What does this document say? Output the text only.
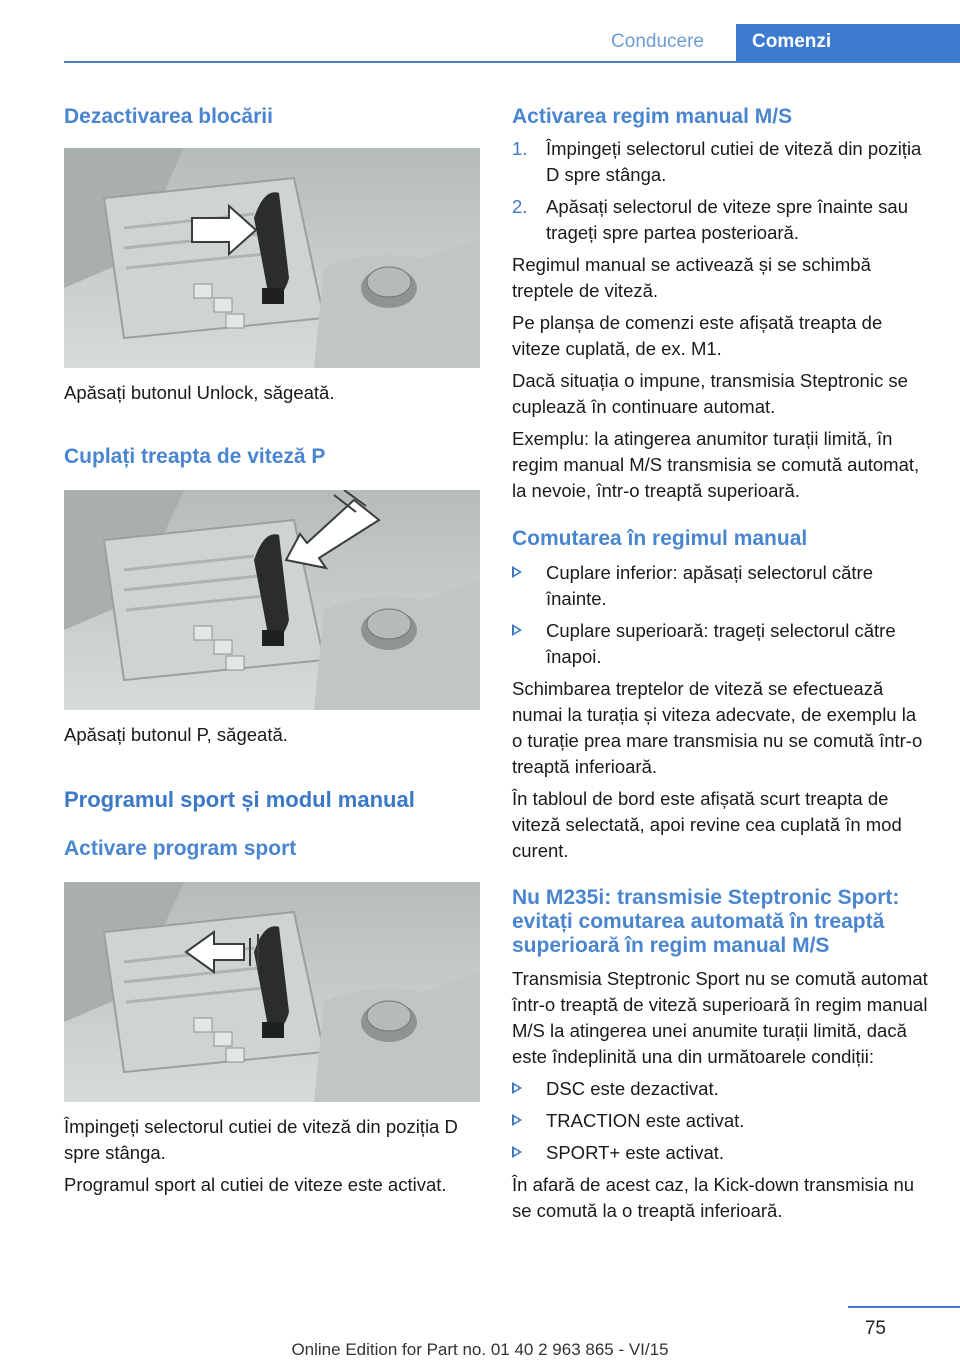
Conducere	Comenzi
Dezactivarea blocării

Apăsați butonul Unlock, săgeată.

Cuplați treapta de viteză P

Apăsați butonul P, săgeată.

Programul sport și modul manual
Activare program sport

Împingeți selectorul cutiei de viteză din poziția D spre stânga.

Programul sport al cutiei de viteze este activat.

Activarea regim manual M/S
1. Împingeți selectorul cutiei de viteză din poziția D spre stânga.
2. Apăsați selectorul de viteze spre înainte sau trageți spre partea posterioară.

Regimul manual se activează și se schimbă treptele de viteză.

Pe planșa de comenzi este afișată treapta de viteze cuplată, de ex. M1.

Dacă situația o impune, transmisia Steptronic se cuplează în continuare automat.

Exemplu: la atingerea anumitor turații limită, în regim manual M/S transmisia se comută automat, la nevoie, într-o treaptă superioară.

Comutarea în regimul manual
Cuplare inferior: apăsați selectorul către înainte.
Cuplare superioară: trageți selectorul către înapoi.

Schimbarea treptelor de viteză se efectuează numai la turația și viteza adecvate, de exemplu la o turație prea mare transmisia nu se comută într-o treaptă inferioară.

În tabloul de bord este afișată scurt treapta de viteză selectată, apoi revine cea cuplată în mod curent.

Nu M235i: transmisie Steptronic Sport: evitați comutarea automată în treaptă superioară în regim manual M/S

Transmisia Steptronic Sport nu se comută automat într-o treaptă de viteză superioară în regim manual M/S la atingerea unei anumite turații limită, dacă este îndeplinită una din următoarele condiții:

DSC este dezactivat.
TRACTION este activat.
SPORT+ este activat.

În afară de acest caz, la Kick-down transmisia nu se comută la o treaptă inferioară.

75
Online Edition for Part no. 01 40 2 963 865 - VI/15
